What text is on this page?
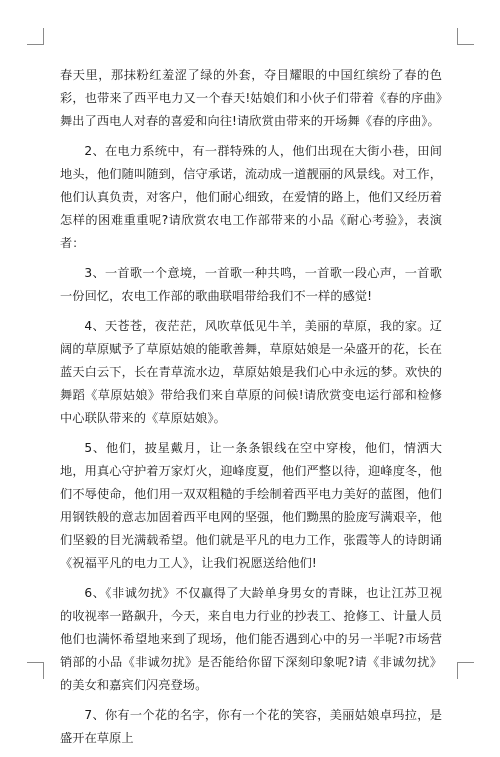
春天里，那抹粉红羞涩了绿的外套，夺目耀眼的中国红缤纷了春的色彩，也带来了西平电力又一个春天!姑娘们和小伙子们带着《春的序曲》舞出了西电人对春的喜爱和向往!请欣赏由带来的开场舞《春的序曲》。

2、在电力系统中，有一群特殊的人，他们出现在大街小巷，田间地头，他们随叫随到，信守承诺，流动成一道靓丽的风景线。对工作，他们认真负责，对客户，他们耐心细致，在爱情的路上，他们又经历着怎样的困难重重呢?请欣赏农电工作部带来的小品《耐心考验》，表演者：

3、一首歌一个意境，一首歌一种共鸣，一首歌一段心声，一首歌一份回忆，农电工作部的歌曲联唱带给我们不一样的感觉!

4、天苍苍，夜茫茫，风吹草低见牛羊，美丽的草原，我的家。辽阔的草原赋予了草原姑娘的能歌善舞，草原姑娘是一朵盛开的花，长在蓝天白云下，长在青草流水边，草原姑娘是我们心中永远的梦。欢快的舞蹈《草原姑娘》带给我们来自草原的问候!请欣赏变电运行部和检修中心联队带来的《草原姑娘》。

5、他们，披星戴月，让一条条银线在空中穿梭，他们，情洒大地，用真心守护着万家灯火，迎峰度夏，他们严整以待，迎峰度冬，他们不辱使命，他们用一双双粗糙的手绘制着西平电力美好的蓝图，他们用钢铁般的意志加固着西平电网的坚强，他们黝黑的脸庞写满艰辛，他们坚毅的目光满载希望。他们就是平凡的电力工作，张霞等人的诗朗诵《祝福平凡的电力工人》，让我们祝愿送给他们!

6、《非诚勿扰》不仅赢得了大龄单身男女的青睐，也让江苏卫视的收视率一路飙升，今天，来自电力行业的抄表工、抢修工、计量人员他们也满怀希望地来到了现场，他们能否遇到心中的另一半呢?市场营销部的小品《非诚勿扰》是否能给你留下深刻印象呢?请《非诚勿扰》的美女和嘉宾们闪亮登场。

7、你有一个花的名字，你有一个花的笑容，美丽姑娘卓玛拉，是盛开在草原上
